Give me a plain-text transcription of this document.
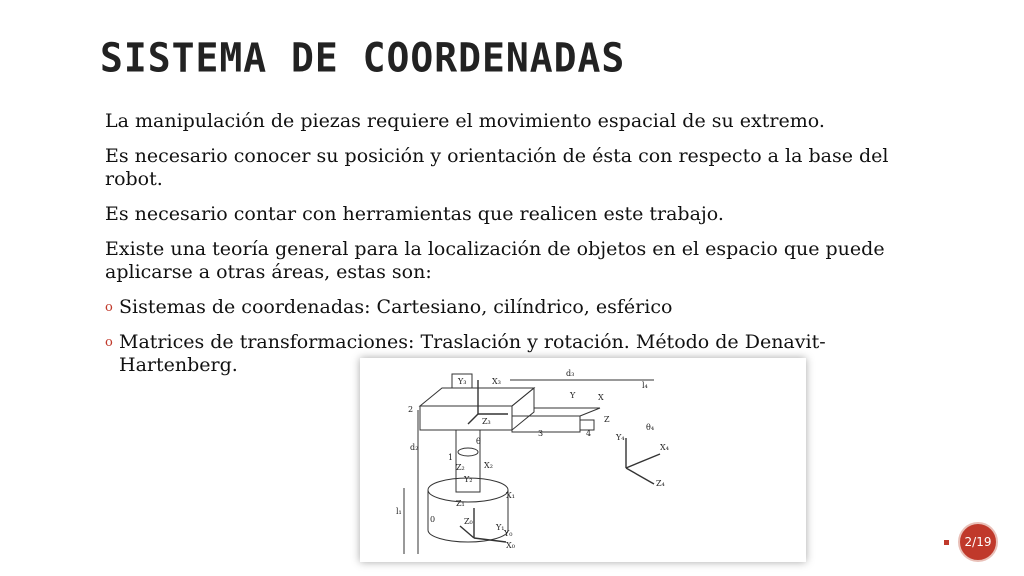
SISTEMA DE COORDENADAS

La manipulación de piezas requiere el movimiento espacial de su extremo.

Es necesario conocer su posición y orientación de ésta con respecto a la base del robot.

Es necesario contar con herramientas que realicen este trabajo.

Existe una teoría general para la localización de objetos en el espacio que puede aplicarse a otras áreas, estas son:

o Sistemas de coordenadas: Cartesiano, cilíndrico, esférico

o Matrices de transformaciones: Traslación y rotación. Método de Denavit-Hartenberg.

Y₃	X₃
d₃
l₄
Y₄
X₄
Z₄
θ₄
Z₃
2
3	4
d₂
θ
1
Z₂
Y₂
X₂
Z₁
Y₁
X₁
l₁
0	Z₀
Y₀
X₀
Y	X
Z
2/19
